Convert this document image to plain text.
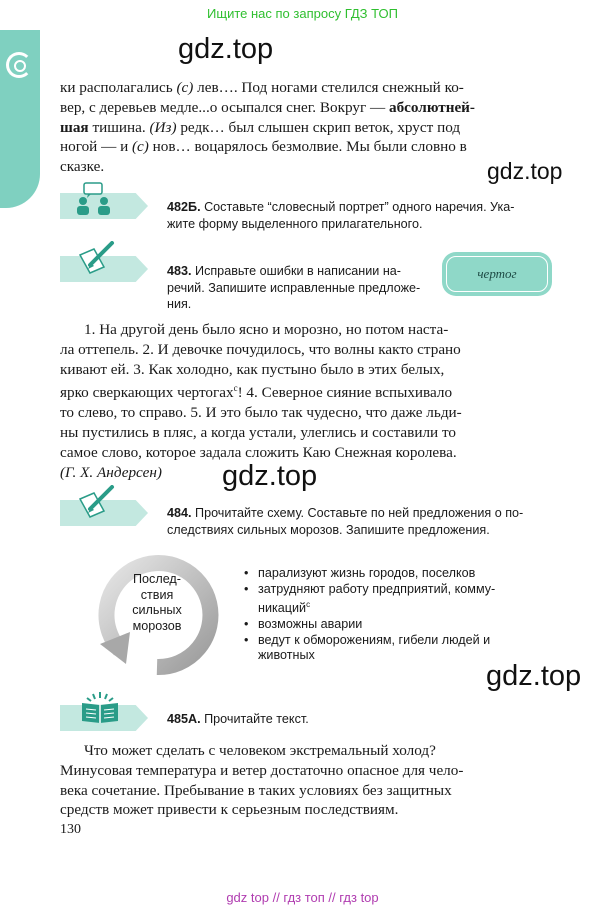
Ищите нас по запросу ГДЗ ТОП
gdz.top
gdz.top
gdz.top
gdz.top

ки располагались (с) лев…. Под ногами стелился снежный ко-

вер, с деревьев медле...о осыпался снег. Вокруг — абсолютней-

шая тишина. (Из) редк… был слышен скрип веток, хруст под

ногой — и (с) нов… воцарялось безмолвие. Мы были словно в

сказке.

482Б. Составьте “словесный портрет” одного наречия. Ука-
жите форму выделенного прилагательного.
483. Исправьте ошибки в написании на-
речий. Запишите исправленные предложе-
ния.
чертог

1. На другой день было ясно и морозно, но потом наста-

ла оттепель. 2. И девочке почудилось, что волны както страно

кивают ей. 3. Как холодно, как пустыно было в этих белых,

ярко сверкающих чертогах$^с$! 4. Северное сияние вспыхивало

то слево, то справо. 5. И это было так чудесно, что даже льди-

ны пустились в пляс, а когда устали, улеглись и составили то

самое слово, которое задала сложить Каю Снежная королева.

(Г. Х. Андерсен)

484. Прочитайте схему. Составьте по ней предложения о по-
следствиях сильных морозов. Запишите предложения.
Послед-
ствия
сильных
морозов
• парализуют жизнь городов, поселков
• затрудняют работу предприятий, комму-
никаций$^с$
• возможны аварии
• ведут к обморожениям, гибели людей и
животных
485А. Прочитайте текст.

Что может сделать с человеком экстремальный холод?

Минусовая температура и ветер достаточно опасное для чело-

века сочетание. Пребывание в таких условиях без защитных

средств может привести к серьезным последствиям.

130
gdz top // гдз топ // гдз top
